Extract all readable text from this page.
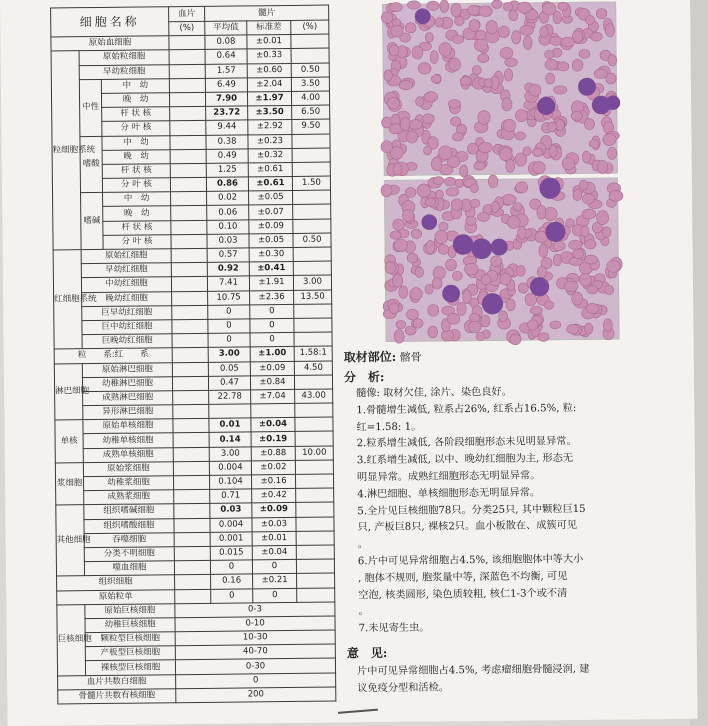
细胞名称			血片	髓片		
			(%)	平均值	标准差	(%)
原始血细胞				0.08	±0.01	
粒细胞系统	原始粒细胞			0.64	±0.33	
	早幼粒细胞			1.57	±0.60	0.50
	中性	中　幼		6.49	±2.04	3.50
		晚　幼		7.90	±1.97	4.00
		杆 状 核		23.72	±3.50	6.50
		分 叶 核		9.44	±2.92	9.50
	嗜酸	中　幼		0.38	±0.23	
		晚　幼		0.49	±0.32	
		杆 状 核		1.25	±0.61	
		分 叶 核		0.86	±0.61	1.50
	嗜碱	中　幼		0.02	±0.05	
		晚　幼		0.06	±0.07	
		杆 状 核		0.10	±0.09	
		分 叶 核		0.03	±0.05	0.50
红细胞系统	原始红细胞			0.57	±0.30	
	早幼红细胞			0.92	±0.41	
	中幼红细胞			7.41	±1.91	3.00
	晚幼红细胞			10.75	±2.36	13.50
	巨早幼红细胞			0	0	
	巨中幼红细胞			0	0	
	巨晚幼红细胞			0	0	
粒　　系:红　　系				3.00	±1.00	1.58:1
淋巴细胞	原始淋巴细胞			0.05	±0.09	4.50
	幼稚淋巴细胞			0.47	±0.84	
	成熟淋巴细胞			22.78	±7.04	43.00
	异形淋巴细胞					
单核	原始单核细胞			0.01	±0.04	
	幼稚单核细胞			0.14	±0.19	
	成熟单核细胞			3.00	±0.88	10.00
浆细胞	原始浆细胞			0.004	±0.02	
	幼稚浆细胞			0.104	±0.16	
	成熟浆细胞			0.71	±0.42	
其他细胞	组织嗜碱细胞			0.03	±0.09	
	组织嗜酸细胞			0.004	±0.03	
	吞噬细胞			0.001	±0.01	
	分类不明细胞			0.015	±0.04	
	噬血细胞			0	0	
组织细胞				0.16	±0.21	
原始粒单				0	0	
巨核细胞	原始巨核细胞		0-3			
	幼稚巨核细胞		0-10			
	颗粒型巨核细胞		10-30			
	产板型巨核细胞		40-70			
	裸核型巨核细胞		0-30			
血片共数白细胞			0			
骨髓片共数有核细胞			200			
取材部位: 髂骨
分　析:

髓像: 取材欠佳, 涂片、染色良好。

1.骨髓增生减低, 粒系占26%, 红系占16.5%, 粒:

红=1.58: 1。

2.粒系增生减低, 各阶段细胞形态未见明显异常。

3.红系增生减低, 以中、晚幼红细胞为主, 形态无

明显异常。成熟红细胞形态无明显异常。

4.淋巴细胞、单核细胞形态无明显异常。

5.全片见巨核细胞78只。分类25只, 其中颗粒巨15

只, 产板巨8只, 裸核2只。血小板散在、成簇可见

。

6.片中可见异常细胞占4.5%, 该细胞胞体中等大小

, 胞体不规则, 胞浆量中等, 深蓝色不均衡, 可见

空泡, 核类圆形, 染色质较粗, 核仁1-3个或不清

。

7.未见寄生虫。

意　见:

片中可见异常细胞占4.5%, 考虑瘤细胞骨髓浸润, 建

议免疫分型和活检。
